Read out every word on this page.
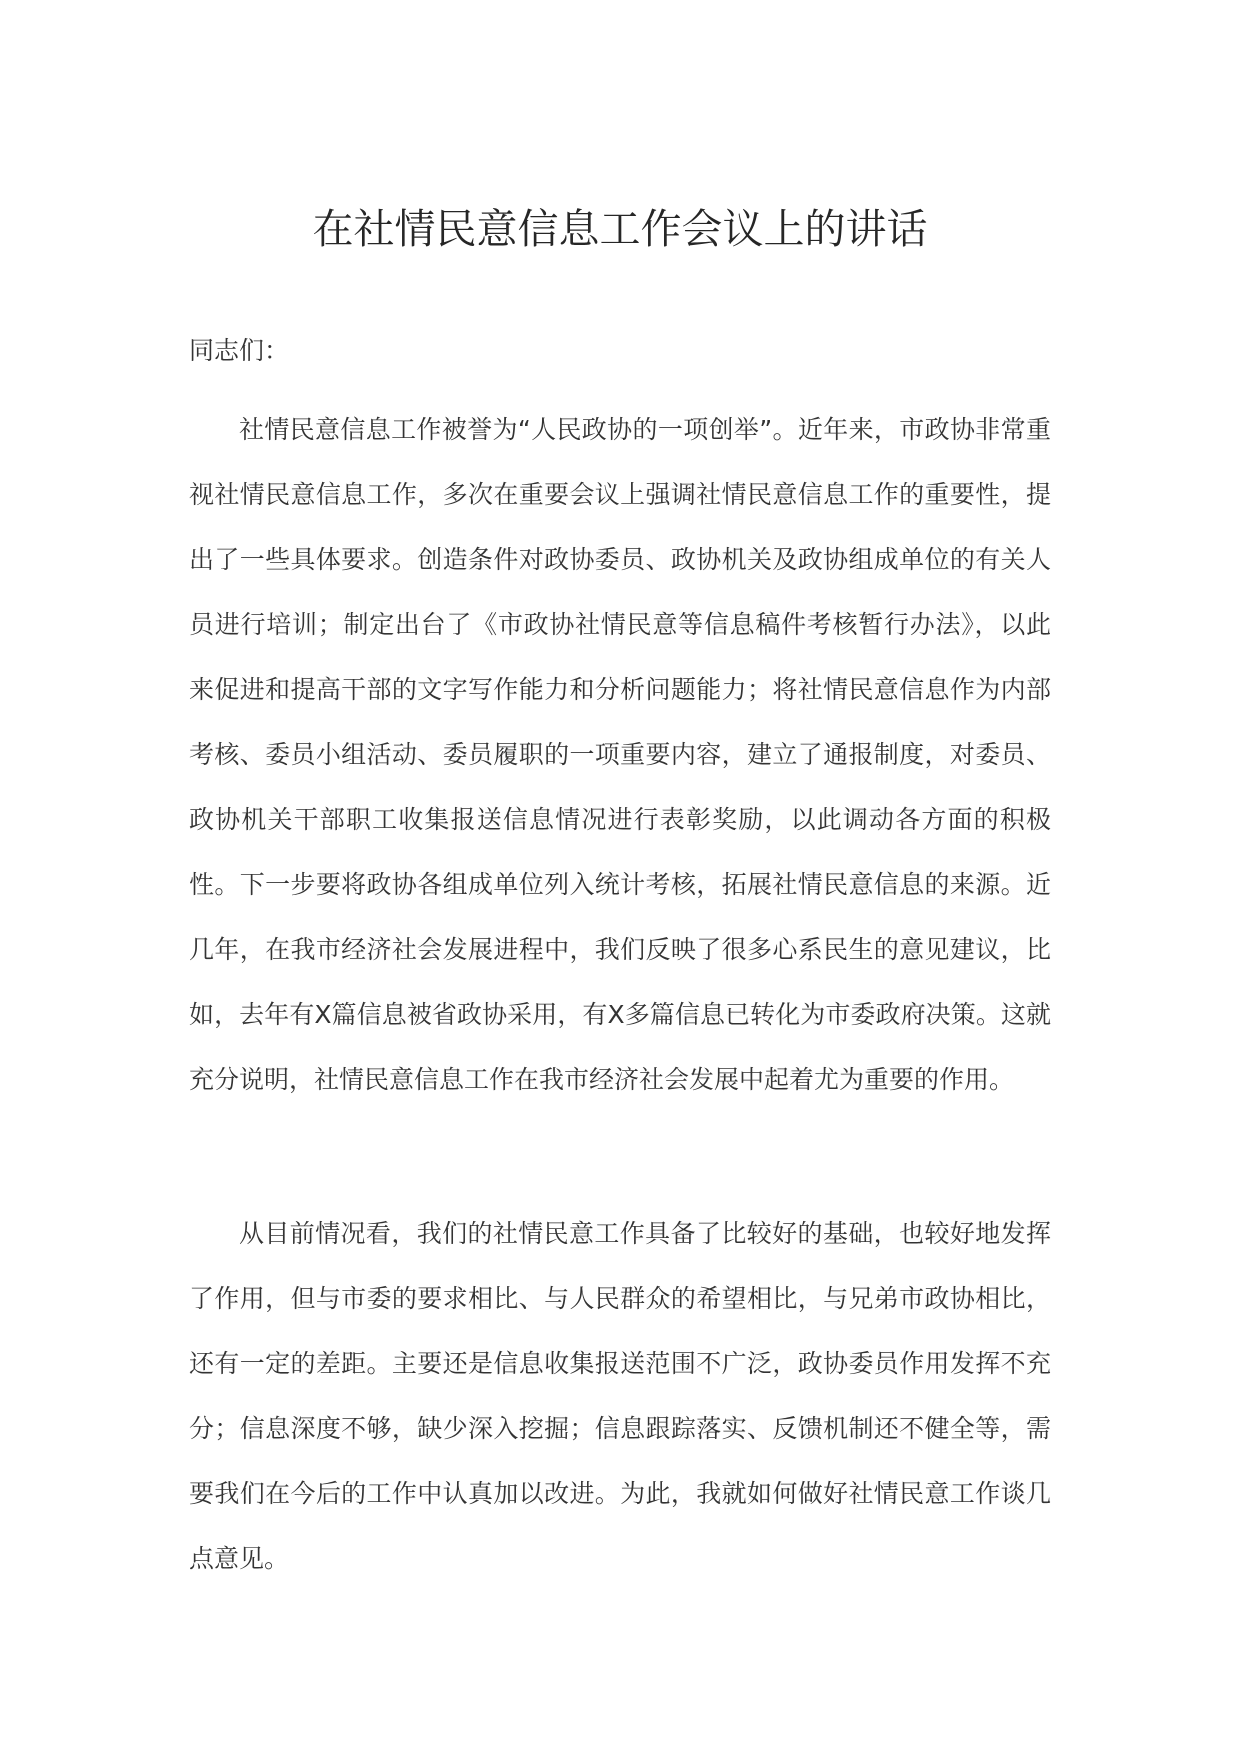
在社情民意信息工作会议上的讲话

同志们：

社情民意信息工作被誉为“人民政协的一项创举”。近年来，市政协非常重视社情民意信息工作，多次在重要会议上强调社情民意信息工作的重要性，提出了一些具体要求。创造条件对政协委员、政协机关及政协组成单位的有关人员进行培训；制定出台了《市政协社情民意等信息稿件考核暂行办法》，以此来促进和提高干部的文字写作能力和分析问题能力；将社情民意信息作为内部考核、委员小组活动、委员履职的一项重要内容，建立了通报制度，对委员、政协机关干部职工收集报送信息情况进行表彰奖励，以此调动各方面的积极性。下一步要将政协各组成单位列入统计考核，拓展社情民意信息的来源。近几年，在我市经济社会发展进程中，我们反映了很多心系民生的意见建议，比如，去年有X篇信息被省政协采用，有X多篇信息已转化为市委政府决策。这就充分说明，社情民意信息工作在我市经济社会发展中起着尤为重要的作用。

从目前情况看，我们的社情民意工作具备了比较好的基础，也较好地发挥了作用，但与市委的要求相比、与人民群众的希望相比，与兄弟市政协相比，还有一定的差距。主要还是信息收集报送范围不广泛，政协委员作用发挥不充分；信息深度不够，缺少深入挖掘；信息跟踪落实、反馈机制还不健全等，需要我们在今后的工作中认真加以改进。为此，我就如何做好社情民意工作谈几点意见。
